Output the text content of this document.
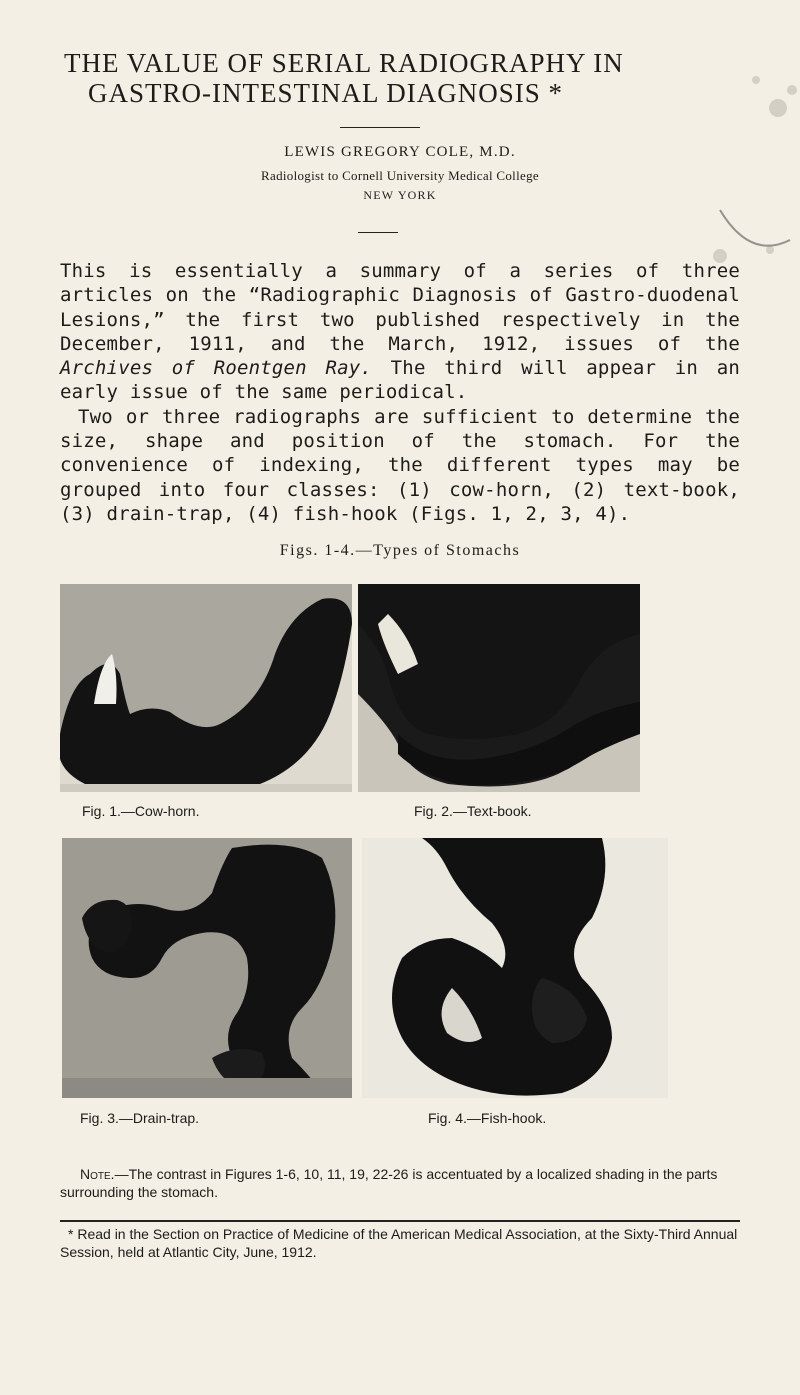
THE VALUE OF SERIAL RADIOGRAPHY IN
GASTRO-INTESTINAL DIAGNOSIS *
LEWIS GREGORY COLE, M.D.
Radiologist to Cornell University Medical College
NEW YORK

This is essentially a summary of a series of three articles on the “Radiographic Diagnosis of Gastro-duodenal Lesions,” the first two published respectively in the December, 1911, and the March, 1912, issues of the Archives of Roentgen Ray. The third will appear in an early issue of the same periodical.

Two or three radiographs are sufficient to determine the size, shape and position of the stomach. For the convenience of indexing, the different types may be grouped into four classes: (1) cow-horn, (2) text-book, (3) drain-trap, (4) fish-hook (Figs. 1, 2, 3, 4).

Figs. 1-4.—Types of Stomachs
Fig. 1.—Cow-horn.	Fig. 2.—Text-book.
Fig. 3.—Drain-trap.	Fig. 4.—Fish-hook.

Note.—The contrast in Figures 1-6, 10, 11, 19, 22-26 is accentuated by a localized shading in the parts surrounding the stomach.

* Read in the Section on Practice of Medicine of the American Medical Association, at the Sixty-Third Annual Session, held at Atlantic City, June, 1912.
